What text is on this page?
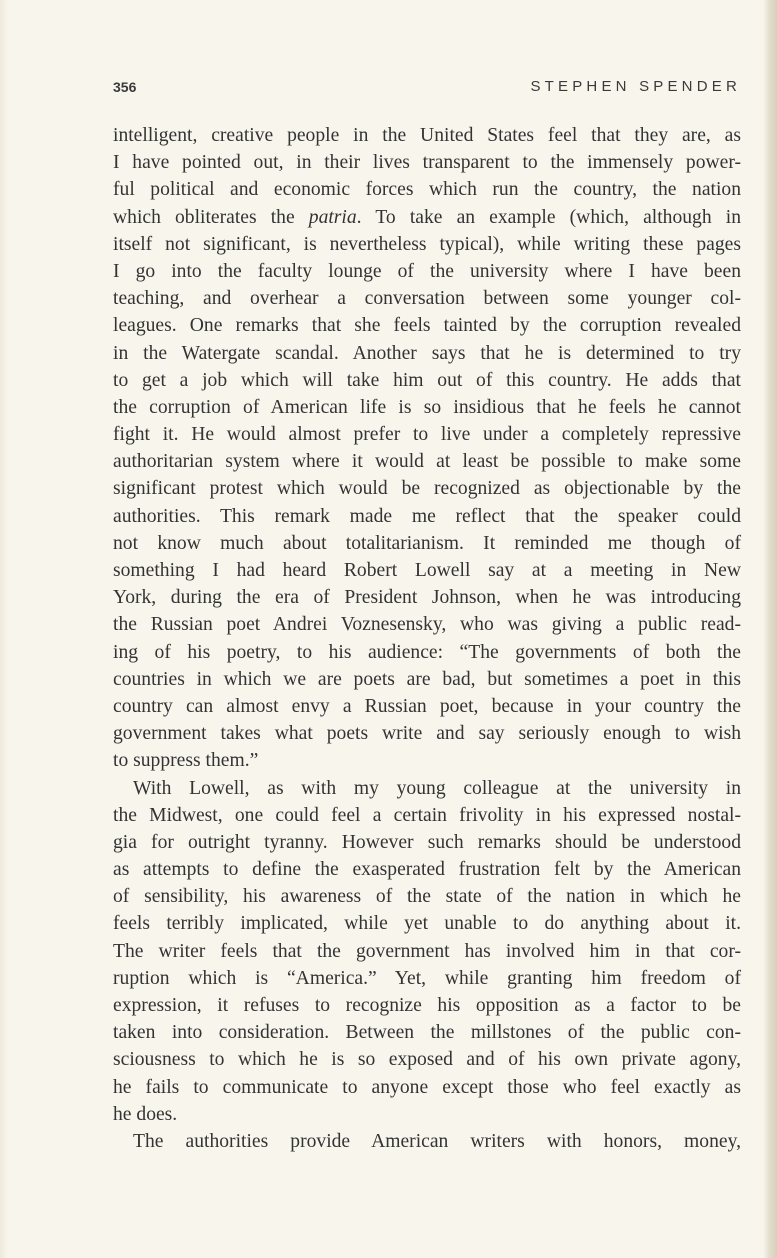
356	STEPHEN SPENDER
intelligent, creative people in the United States feel that they are, as
I have pointed out, in their lives transparent to the immensely power-
ful political and economic forces which run the country, the nation
which obliterates the patria. To take an example (which, although in
itself not significant, is nevertheless typical), while writing these pages
I go into the faculty lounge of the university where I have been
teaching, and overhear a conversation between some younger col-
leagues. One remarks that she feels tainted by the corruption revealed
in the Watergate scandal. Another says that he is determined to try
to get a job which will take him out of this country. He adds that
the corruption of American life is so insidious that he feels he cannot
fight it. He would almost prefer to live under a completely repressive
authoritarian system where it would at least be possible to make some
significant protest which would be recognized as objectionable by the
authorities. This remark made me reflect that the speaker could
not know much about totalitarianism. It reminded me though of
something I had heard Robert Lowell say at a meeting in New
York, during the era of President Johnson, when he was introducing
the Russian poet Andrei Voznesensky, who was giving a public read-
ing of his poetry, to his audience: “The governments of both the
countries in which we are poets are bad, but sometimes a poet in this
country can almost envy a Russian poet, because in your country the
government takes what poets write and say seriously enough to wish
to suppress them.”
With Lowell, as with my young colleague at the university in
the Midwest, one could feel a certain frivolity in his expressed nostal-
gia for outright tyranny. However such remarks should be understood
as attempts to define the exasperated frustration felt by the American
of sensibility, his awareness of the state of the nation in which he
feels terribly implicated, while yet unable to do anything about it.
The writer feels that the government has involved him in that cor-
ruption which is “America.” Yet, while granting him freedom of
expression, it refuses to recognize his opposition as a factor to be
taken into consideration. Between the millstones of the public con-
sciousness to which he is so exposed and of his own private agony,
he fails to communicate to anyone except those who feel exactly as
he does.
The authorities provide American writers with honors, money,
